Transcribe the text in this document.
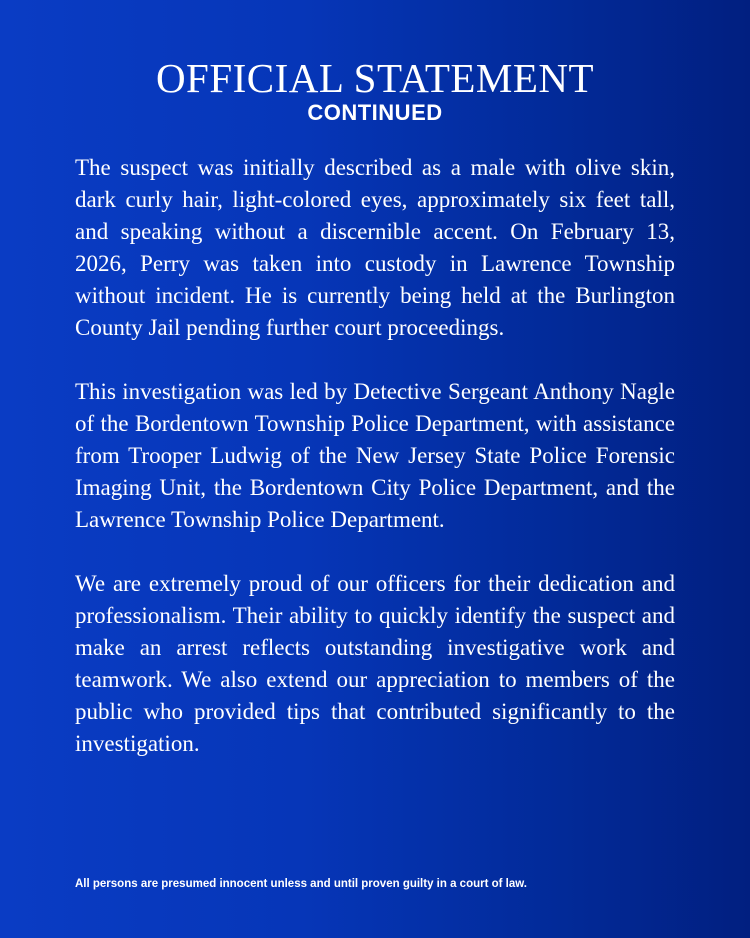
OFFICIAL STATEMENT
CONTINUED

The suspect was initially described as a male with olive skin, dark curly hair, light-colored eyes, approximately six feet tall, and speaking without a discernible accent. On February 13, 2026, Perry was taken into custody in Lawrence Township without incident. He is currently being held at the Burlington County Jail pending further court proceedings.

This investigation was led by Detective Sergeant Anthony Nagle of the Bordentown Township Police Department, with assistance from Trooper Ludwig of the New Jersey State Police Forensic Imaging Unit, the Bordentown City Police Department, and the Lawrence Township Police Department.

We are extremely proud of our officers for their dedication and professionalism. Their ability to quickly identify the suspect and make an arrest reflects outstanding investigative work and teamwork. We also extend our appreciation to members of the public who provided tips that contributed significantly to the investigation.

All persons are presumed innocent unless and until proven guilty in a court of law.
